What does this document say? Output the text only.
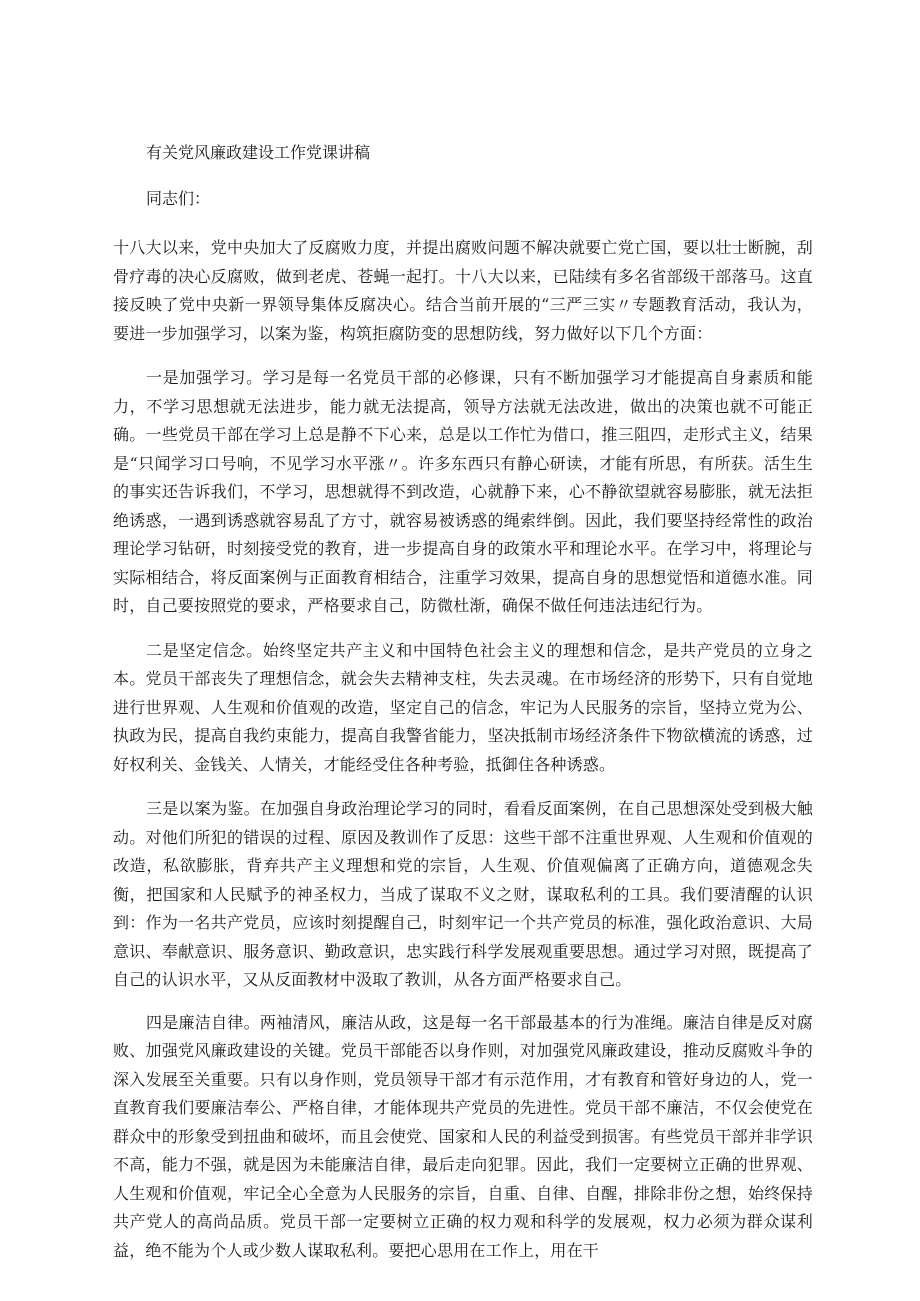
有关党风廉政建设工作党课讲稿
同志们：

十八大以来，党中央加大了反腐败力度，并提出腐败问题不解决就要亡党亡国，要以壮士断腕，刮骨疗毒的决心反腐败，做到老虎、苍蝇一起打。十八大以来，已陆续有多名省部级干部落马。这直接反映了党中央新一界领导集体反腐决心。结合当前开展的“三严三实〃专题教育活动，我认为，要进一步加强学习，以案为鉴，构筑拒腐防变的思想防线，努力做好以下几个方面：

一是加强学习。学习是每一名党员干部的必修课，只有不断加强学习才能提高自身素质和能力，不学习思想就无法进步，能力就无法提高，领导方法就无法改进，做出的决策也就不可能正确。一些党员干部在学习上总是静不下心来，总是以工作忙为借口，推三阻四，走形式主义，结果是“只闻学习口号响，不见学习水平涨〃。许多东西只有静心研读，才能有所思，有所获。活生生的事实还告诉我们，不学习，思想就得不到改造，心就静下来，心不静欲望就容易膨胀，就无法拒绝诱惑，一遇到诱惑就容易乱了方寸，就容易被诱惑的绳索绊倒。因此，我们要坚持经常性的政治理论学习钻研，时刻接受党的教育，进一步提高自身的政策水平和理论水平。在学习中，将理论与实际相结合，将反面案例与正面教育相结合，注重学习效果，提高自身的思想觉悟和道德水准。同时，自己要按照党的要求，严格要求自己，防微杜渐，确保不做任何违法违纪行为。

二是坚定信念。始终坚定共产主义和中国特色社会主义的理想和信念，是共产党员的立身之本。党员干部丧失了理想信念，就会失去精神支柱，失去灵魂。在市场经济的形势下，只有自觉地进行世界观、人生观和价值观的改造，坚定自己的信念，牢记为人民服务的宗旨，坚持立党为公、执政为民，提高自我约束能力，提高自我警省能力，坚决抵制市场经济条件下物欲横流的诱惑，过好权利关、金钱关、人情关，才能经受住各种考验，抵御住各种诱惑。

三是以案为鉴。在加强自身政治理论学习的同时，看看反面案例，在自己思想深处受到极大触动。对他们所犯的错误的过程、原因及教训作了反思：这些干部不注重世界观、人生观和价值观的改造，私欲膨胀，背弃共产主义理想和党的宗旨，人生观、价值观偏离了正确方向，道德观念失衡，把国家和人民赋予的神圣权力，当成了谋取不义之财，谋取私利的工具。我们要清醒的认识到：作为一名共产党员，应该时刻提醒自己，时刻牢记一个共产党员的标准，强化政治意识、大局意识、奉献意识、服务意识、勤政意识，忠实践行科学发展观重要思想。通过学习对照，既提高了自己的认识水平，又从反面教材中汲取了教训，从各方面严格要求自己。

四是廉洁自律。两袖清风，廉洁从政，这是每一名干部最基本的行为准绳。廉洁自律是反对腐败、加强党风廉政建设的关键。党员干部能否以身作则，对加强党风廉政建设，推动反腐败斗争的深入发展至关重要。只有以身作则，党员领导干部才有示范作用，才有教育和管好身边的人，党一直教育我们要廉洁奉公、严格自律，才能体现共产党员的先进性。党员干部不廉洁，不仅会使党在群众中的形象受到扭曲和破坏，而且会使党、国家和人民的利益受到损害。有些党员干部并非学识不高，能力不强，就是因为未能廉洁自律，最后走向犯罪。因此，我们一定要树立正确的世界观、人生观和价值观，牢记全心全意为人民服务的宗旨，自重、自律、自醒，排除非份之想，始终保持共产党人的高尚品质。党员干部一定要树立正确的权力观和科学的发展观，权力必须为群众谋利益，绝不能为个人或少数人谋取私利。要把心思用在工作上，用在干
